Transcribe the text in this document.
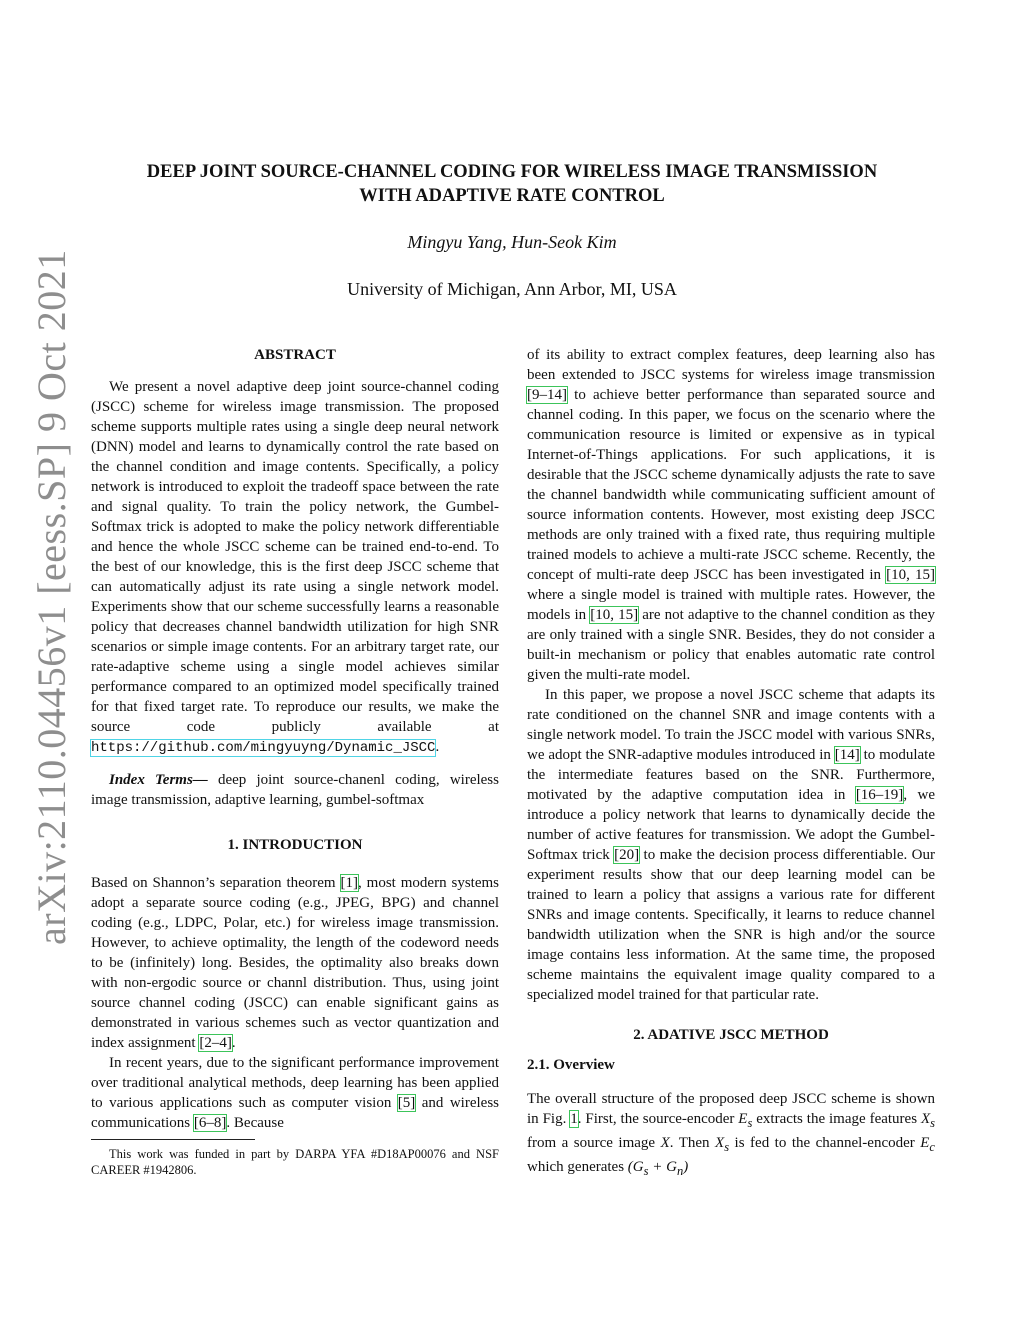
arXiv:2110.04456v1 [eess.SP] 9 Oct 2021
DEEP JOINT SOURCE-CHANNEL CODING FOR WIRELESS IMAGE TRANSMISSION
WITH ADAPTIVE RATE CONTROL
Mingyu Yang, Hun-Seok Kim
University of Michigan, Ann Arbor, MI, USA

ABSTRACT

We present a novel adaptive deep joint source-channel coding (JSCC) scheme for wireless image transmission. The proposed scheme supports multiple rates using a single deep neural network (DNN) model and learns to dynamically control the rate based on the channel condition and image contents. Specifically, a policy network is introduced to exploit the tradeoff space between the rate and signal quality. To train the policy network, the Gumbel-Softmax trick is adopted to make the policy network differentiable and hence the whole JSCC scheme can be trained end-to-end. To the best of our knowledge, this is the first deep JSCC scheme that can automatically adjust its rate using a single network model. Experiments show that our scheme successfully learns a reasonable policy that decreases channel bandwidth utilization for high SNR scenarios or simple image contents. For an arbitrary target rate, our rate-adaptive scheme using a single model achieves similar performance compared to an optimized model specifically trained for that fixed target rate. To reproduce our results, we make the source code publicly available at https://github.com/mingyuyng/Dynamic_JSCC.

Index Terms— deep joint source-chanenl coding, wireless image transmission, adaptive learning, gumbel-softmax

1. INTRODUCTION

Based on Shannon’s separation theorem [1], most modern systems adopt a separate source coding (e.g., JPEG, BPG) and channel coding (e.g., LDPC, Polar, etc.) for wireless image transmission. However, to achieve optimality, the length of the codeword needs to be (infinitely) long. Besides, the optimality also breaks down with non-ergodic source or channl distribution. Thus, using joint source channel coding (JSCC) can enable significant gains as demonstrated in various schemes such as vector quantization and index assignment [2–4].

In recent years, due to the significant performance improvement over traditional analytical methods, deep learning has been applied to various applications such as computer vision [5] and wireless communications [6–8]. Because

This work was funded in part by DARPA YFA #D18AP00076 and NSF CAREER #1942806.

of its ability to extract complex features, deep learning also has been extended to JSCC systems for wireless image transmission [9–14] to achieve better performance than separated source and channel coding. In this paper, we focus on the scenario where the communication resource is limited or expensive as in typical Internet-of-Things applications. For such applications, it is desirable that the JSCC scheme dynamically adjusts the rate to save the channel bandwidth while communicating sufficient amount of source information contents. However, most existing deep JSCC methods are only trained with a fixed rate, thus requiring multiple trained models to achieve a multi-rate JSCC scheme. Recently, the concept of multi-rate deep JSCC has been investigated in [10, 15] where a single model is trained with multiple rates. However, the models in [10, 15] are not adaptive to the channel condition as they are only trained with a single SNR. Besides, they do not consider a built-in mechanism or policy that enables automatic rate control given the multi-rate model.

In this paper, we propose a novel JSCC scheme that adapts its rate conditioned on the channel SNR and image contents with a single network model. To train the JSCC model with various SNRs, we adopt the SNR-adaptive modules introduced in [14] to modulate the intermediate features based on the SNR. Furthermore, motivated by the adaptive computation idea in [16–19], we introduce a policy network that learns to dynamically decide the number of active features for transmission. We adopt the Gumbel-Softmax trick [20] to make the decision process differentiable. Our experiment results show that our deep learning model can be trained to learn a policy that assigns a various rate for different SNRs and image contents. Specifically, it learns to reduce channel bandwidth utilization when the SNR is high and/or the source image contains less information. At the same time, the proposed scheme maintains the equivalent image quality compared to a specialized model trained for that particular rate.

2. ADATIVE JSCC METHOD

2.1. Overview

The overall structure of the proposed deep JSCC scheme is shown in Fig. 1. First, the source-encoder $E_s$ extracts the image features $X_s$ from a source image X. Then $X_s$ is fed to the channel-encoder $E_c$ which generates $(G_s + G_n)$
